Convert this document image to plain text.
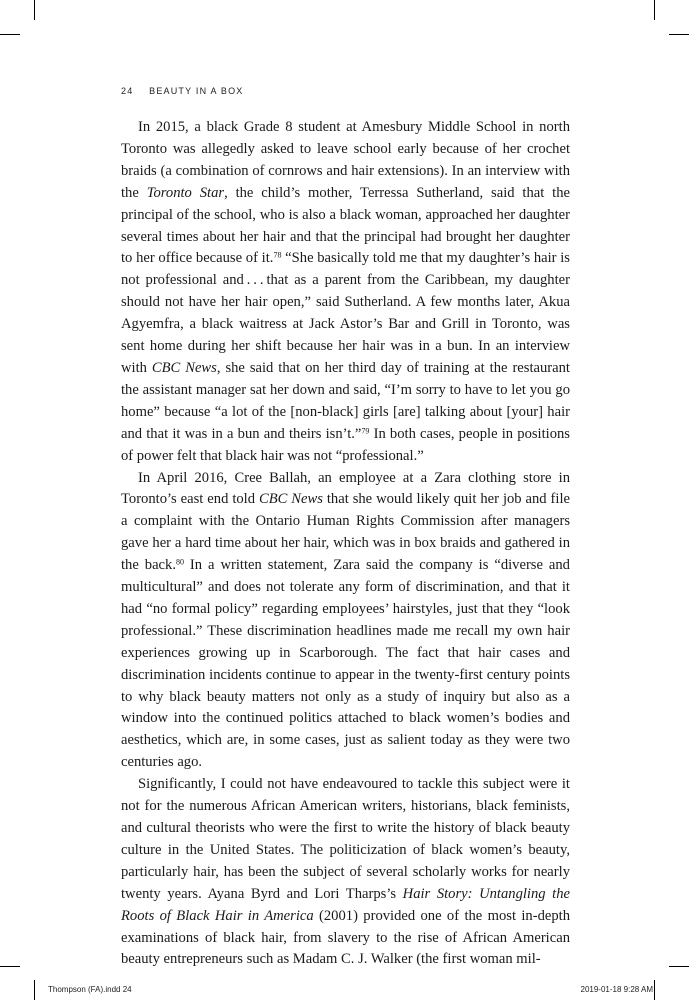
24 BEAUTY IN A BOX

In 2015, a black Grade 8 student at Amesbury Middle School in north Toronto was allegedly asked to leave school early because of her crochet braids (a combination of cornrows and hair extensions). In an interview with the Toronto Star, the child’s mother, Terressa Sutherland, said that the principal of the school, who is also a black woman, approached her daughter several times about her hair and that the principal had brought her daughter to her office because of it.$^{78}$ “She basically told me that my daughter’s hair is not professional and . . . that as a parent from the Caribbean, my daughter should not have her hair open,” said Sutherland. A few months later, Akua Agyemfra, a black waitress at Jack Astor’s Bar and Grill in Toronto, was sent home during her shift because her hair was in a bun. In an interview with CBC News, she said that on her third day of training at the restaurant the assistant manager sat her down and said, “I’m sorry to have to let you go home” because “a lot of the [non-black] girls [are] talking about [your] hair and that it was in a bun and theirs isn’t.”$^{79}$ In both cases, people in positions of power felt that black hair was not “professional.”

In April 2016, Cree Ballah, an employee at a Zara clothing store in Toronto’s east end told CBC News that she would likely quit her job and file a complaint with the Ontario Human Rights Commission after managers gave her a hard time about her hair, which was in box braids and gathered in the back.$^{80}$ In a written statement, Zara said the company is “diverse and multicultural” and does not tolerate any form of discrimination, and that it had “no formal policy” regarding employees’ hairstyles, just that they “look professional.” These discrimination headlines made me recall my own hair experiences growing up in Scarborough. The fact that hair cases and discrimination incidents continue to appear in the twenty-first century points to why black beauty matters not only as a study of inquiry but also as a window into the continued politics attached to black women’s bodies and aesthetics, which are, in some cases, just as salient today as they were two centuries ago.

Significantly, I could not have endeavoured to tackle this subject were it not for the numerous African American writers, historians, black feminists, and cultural theorists who were the first to write the history of black beauty culture in the United States. The politicization of black women’s beauty, particularly hair, has been the subject of several scholarly works for nearly twenty years. Ayana Byrd and Lori Tharps’s Hair Story: Untangling the Roots of Black Hair in America (2001) provided one of the most in-depth examinations of black hair, from slavery to the rise of African American beauty entrepreneurs such as Madam C. J. Walker (the first woman mil-

Thompson (FA).indd 24	2019-01-18 9:28 AM
